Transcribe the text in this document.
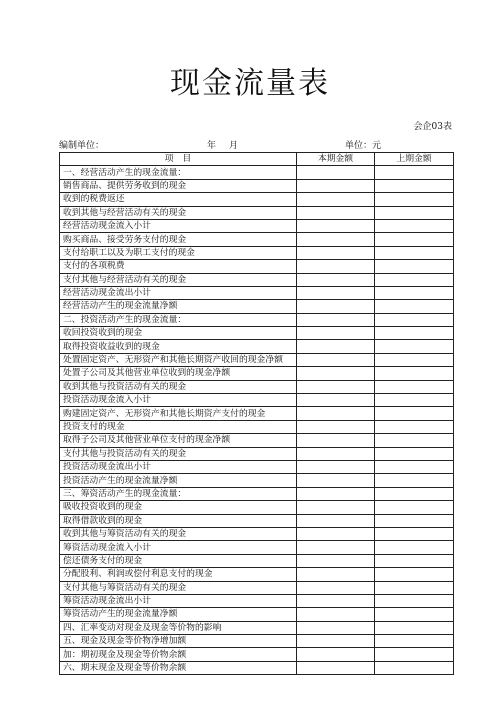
现金流量表
会企03表
编制单位：	年 月	单位：元
项　目	本期金额	上期金额
一、经营活动产生的现金流量：		
销售商品、提供劳务收到的现金		
收到的税费返还		
收到其他与经营活动有关的现金		
经营活动现金流入小计		
购买商品、接受劳务支付的现金		
支付给职工以及为职工支付的现金		
支付的各项税费		
支付其他与经营活动有关的现金		
经营活动现金流出小计		
经营活动产生的现金流量净额		
二、投资活动产生的现金流量：		
收回投资收到的现金		
取得投资收益收到的现金		
处置固定资产、无形资产和其他长期资产收回的现金净额		
处置子公司及其他营业单位收到的现金净额		
收到其他与投资活动有关的现金		
投资活动现金流入小计		
购建固定资产、无形资产和其他长期资产支付的现金		
投资支付的现金		
取得子公司及其他营业单位支付的现金净额		
支付其他与投资活动有关的现金		
投资活动现金流出小计		
投资活动产生的现金流量净额		
三、筹资活动产生的现金流量：		
吸收投资收到的现金		
取得借款收到的现金		
收到其他与筹资活动有关的现金		
筹资活动现金流入小计		
偿还债务支付的现金		
分配股利、利润或偿付利息支付的现金		
支付其他与筹资活动有关的现金		
筹资活动现金流出小计		
筹资活动产生的现金流量净额		
四、汇率变动对现金及现金等价物的影响		
五、现金及现金等价物净增加额		
加：期初现金及现金等价物余额		
六、期末现金及现金等价物余额		
